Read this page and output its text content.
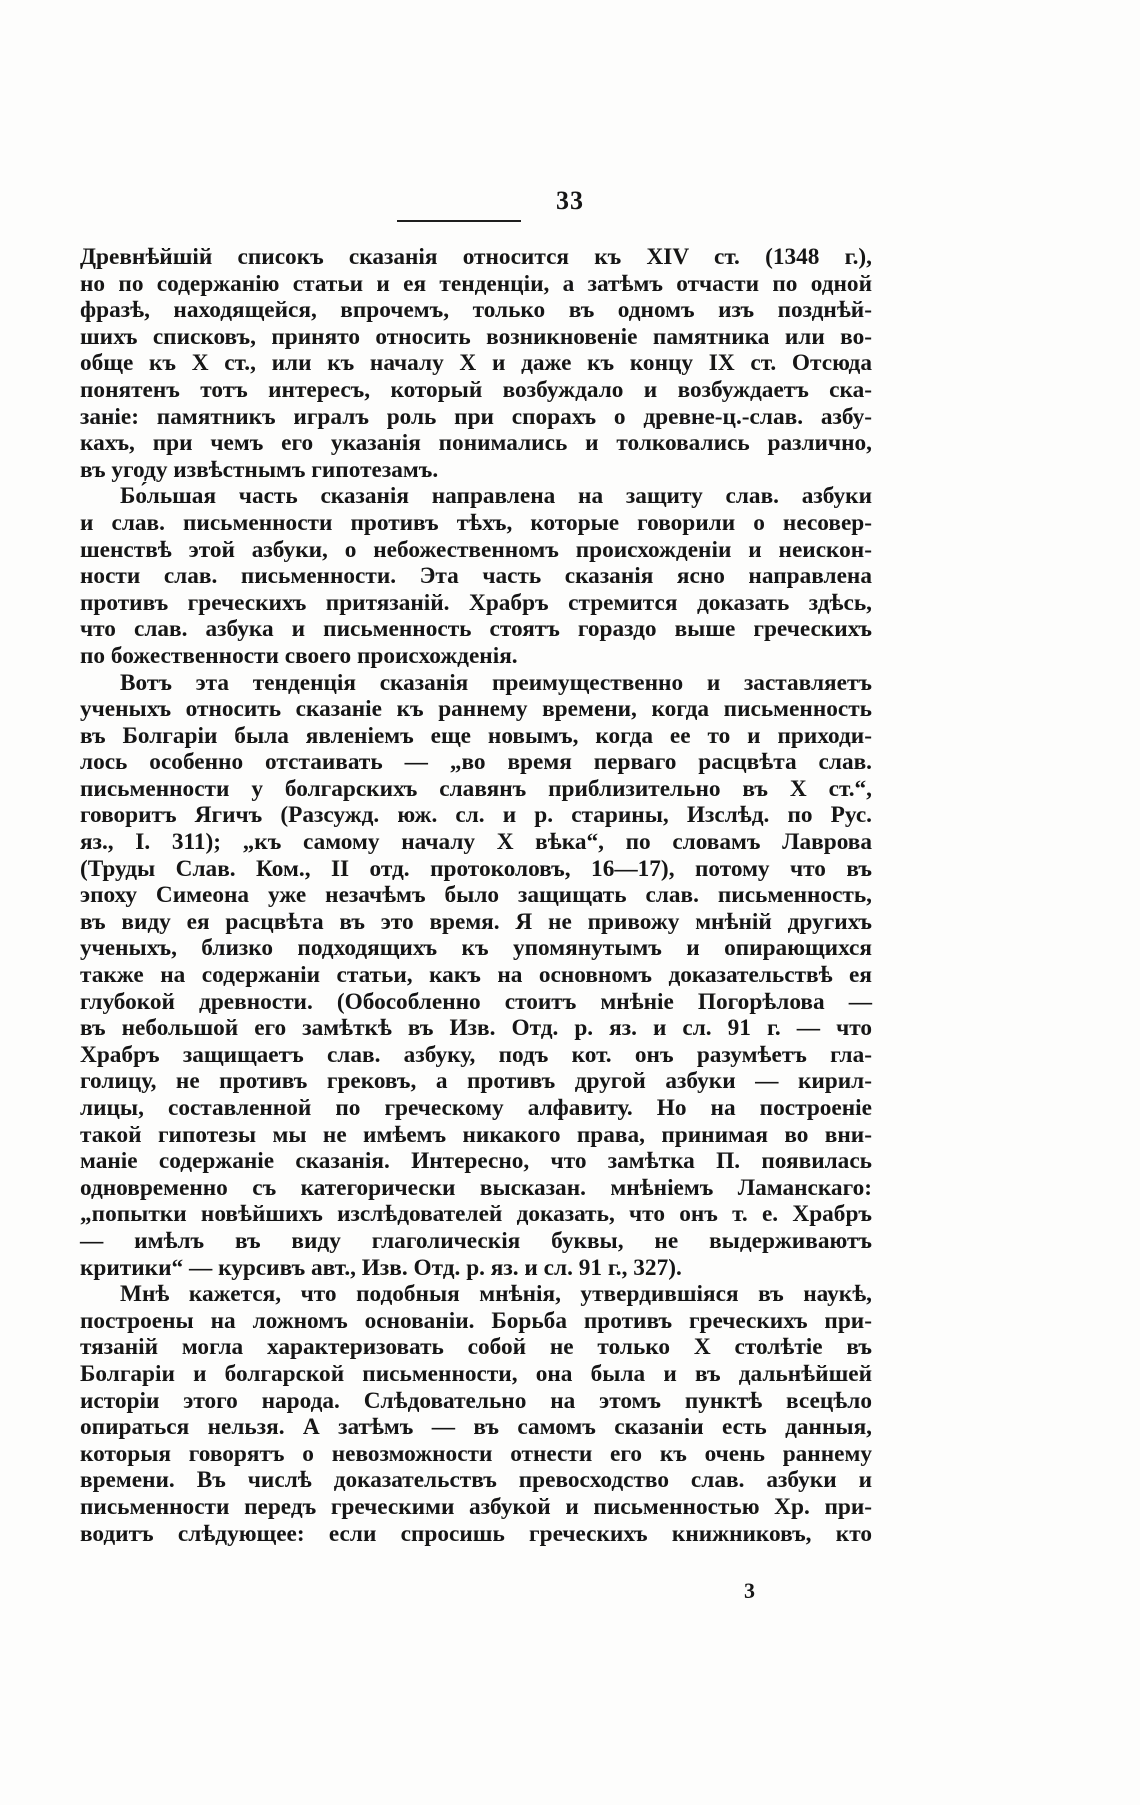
33

Древнѣйшій списокъ сказанія относится къ XIV ст. (1348 г.),
но по содержанію статьи и ея тенденціи, а затѣмъ отчасти по одной
фразѣ, находящейся, впрочемъ, только въ одномъ изъ позднѣй-
шихъ списковъ, принято относить возникновеніе памятника или во-
обще къ X ст., или къ началу X и даже къ концу IX ст. Отсюда
понятенъ тотъ интересъ, который возбуждало и возбуждаетъ ска-
заніе: памятникъ игралъ роль при спорахъ о древне-ц.-слав. азбу-
кахъ, при чемъ его указанія понимались и толковались различно,
въ угоду извѣстнымъ гипотезамъ.

Бо́льшая часть сказанія направлена на защиту слав. азбуки
и слав. письменности противъ тѣхъ, которые говорили о несовер-
шенствѣ этой азбуки, о небожественномъ происхожденіи и неискон-
ности слав. письменности. Эта часть сказанія ясно направлена
противъ греческихъ притязаній. Храбръ стремится доказать здѣсь,
что слав. азбука и письменность стоятъ гораздо выше греческихъ
по божественности своего происхожденія.

Вотъ эта тенденція сказанія преимущественно и заставляетъ
ученыхъ относить сказаніе къ раннему времени, когда письменность
въ Болгаріи была явленіемъ еще новымъ, когда ее то и приходи-
лось особенно отстаивать — „во время перваго расцвѣта слав.
письменности у болгарскихъ славянъ приблизительно въ X ст.“,
говоритъ Ягичъ (Разсужд. юж. сл. и р. старины, Изслѣд. по Рус.
яз., I. 311); „къ самому началу X вѣка“, по словамъ Лаврова
(Труды Слав. Ком., II отд. протоколовъ, 16—17), потому что въ
эпоху Симеона уже незачѣмъ было защищать слав. письменность,
въ виду ея расцвѣта въ это время. Я не привожу мнѣній другихъ
ученыхъ, близко подходящихъ къ упомянутымъ и опирающихся
также на содержаніи статьи, какъ на основномъ доказательствѣ ея
глубокой древности. (Обособленно стоитъ мнѣніе Погорѣлова —
въ небольшой его замѣткѣ въ Изв. Отд. р. яз. и сл. 91 г. — что
Храбръ защищаетъ слав. азбуку, подъ кот. онъ разумѣетъ гла-
голицу, не противъ грековъ, а противъ другой азбуки — кирил-
лицы, составленной по греческому алфавиту. Но на построеніе
такой гипотезы мы не имѣемъ никакого права, принимая во вни-
маніе содержаніе сказанія. Интересно, что замѣтка П. появилась
одновременно съ категорически высказан. мнѣніемъ Ламанскаго:
„попытки новѣйшихъ изслѣдователей доказать, что онъ т. е. Храбръ
— имѣлъ въ виду глаголическія буквы, не выдерживаютъ
критики“ — курсивъ авт., Изв. Отд. р. яз. и сл. 91 г., 327).

Мнѣ кажется, что подобныя мнѣнія, утвердившіяся въ наукѣ,
построены на ложномъ основаніи. Борьба противъ греческихъ при-
тязаній могла характеризовать собой не только X столѣтіе въ
Болгаріи и болгарской письменности, она была и въ дальнѣйшей
исторіи этого народа. Слѣдовательно на этомъ пунктѣ всецѣло
опираться нельзя. А затѣмъ — въ самомъ сказаніи есть данныя,
которыя говорятъ о невозможности отнести его къ очень раннему
времени. Въ числѣ доказательствъ превосходство слав. азбуки и
письменности передъ греческими азбукой и письменностью Хр. при-
водитъ слѣдующее: если спросишь греческихъ книжниковъ, кто

3
